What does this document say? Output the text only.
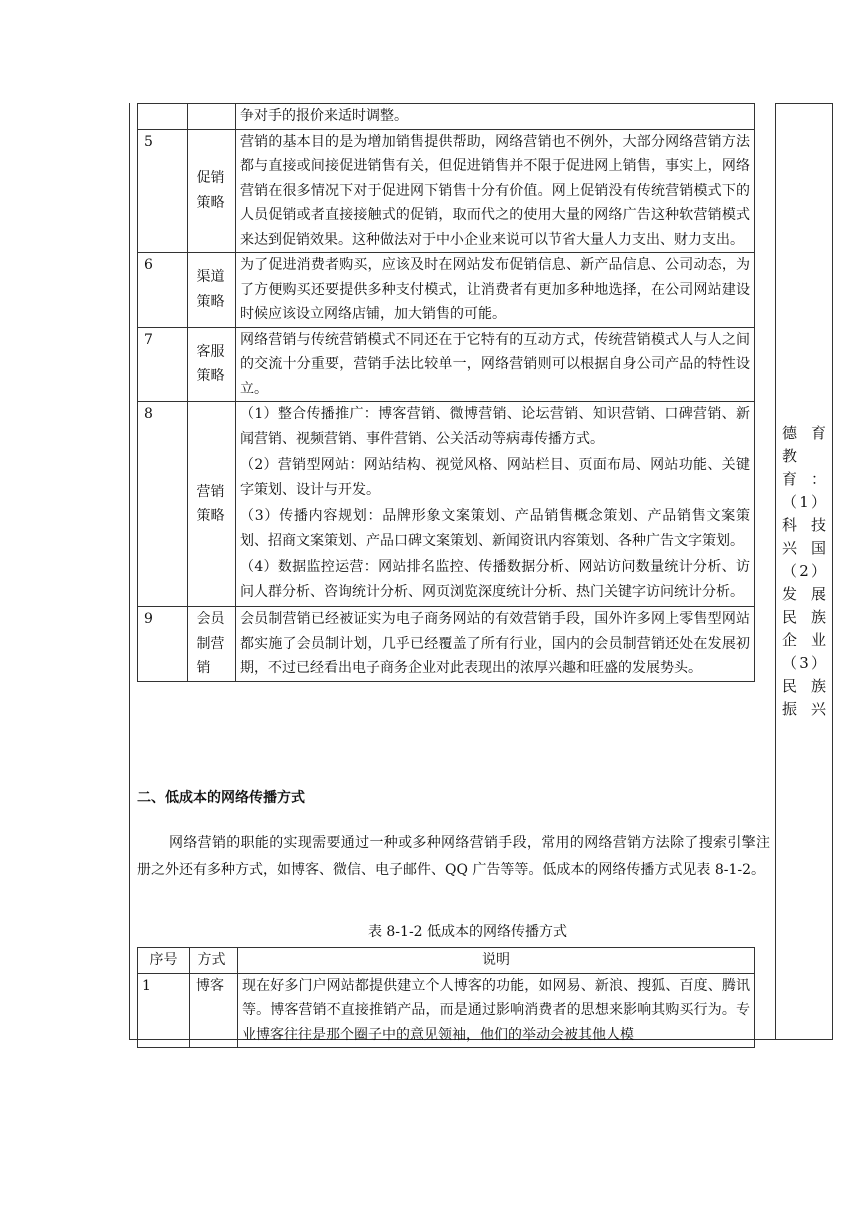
德 育
教育：
（1）
科 技
兴国
（2）
发 展
民 族
企业
（3）
民 族
振兴

		争对手的报价来适时调整。

5	促销策略	营销的基本目的是为增加销售提供帮助，网络营销也不例外，大部分网络营销方法都与直接或间接促进销售有关，但促进销售并不限于促进网上销售，事实上，网络营销在很多情况下对于促进网下销售十分有价值。网上促销没有传统营销模式下的人员促销或者直接接触式的促销，取而代之的使用大量的网络广告这种软营销模式来达到促销效果。这种做法对于中小企业来说可以节省大量人力支出、财力支出。

6	渠道策略	为了促进消费者购买，应该及时在网站发布促销信息、新产品信息、公司动态，为了方便购买还要提供多种支付模式，让消费者有更加多种地选择，在公司网站建设时候应该设立网络店铺，加大销售的可能。

7	客服策略	网络营销与传统营销模式不同还在于它特有的互动方式，传统营销模式人与人之间的交流十分重要，营销手法比较单一，网络营销则可以根据自身公司产品的特性设立。

8	营销策略	（1）整合传播推广：博客营销、微博营销、论坛营销、知识营销、口碑营销、新闻营销、视频营销、事件营销、公关活动等病毒传播方式。

（2）营销型网站：网站结构、视觉风格、网站栏目、页面布局、网站功能、关键字策划、设计与开发。

（3）传播内容规划：品牌形象文案策划、产品销售概念策划、产品销售文案策划、招商文案策划、产品口碑文案策划、新闻资讯内容策划、各种广告文字策划。

（4）数据监控运营：网站排名监控、传播数据分析、网站访问数量统计分析、访问人群分析、咨询统计分析、网页浏览深度统计分析、热门关键字访问统计分析。

9	会员制营销	会员制营销已经被证实为电子商务网站的有效营销手段，国外许多网上零售型网站都实施了会员制计划，几乎已经覆盖了所有行业，国内的会员制营销还处在发展初期，不过已经看出电子商务企业对此表现出的浓厚兴趣和旺盛的发展势头。

二、低成本的网络传播方式

网络营销的职能的实现需要通过一种或多种网络营销手段，常用的网络营销方法除了搜索引擎注册之外还有多种方式，如博客、微信、电子邮件、QQ 广告等等。低成本的网络传播方式见表 8-1-2。

表 8-1-2 低成本的网络传播方式
序号	方式	说明
1	博客	现在好多门户网站都提供建立个人博客的功能，如网易、新浪、搜狐、百度、腾讯等。博客营销不直接推销产品，而是通过影响消费者的思想来影响其购买行为。专业博客往往是那个圈子中的意见领袖，他们的举动会被其他人模
